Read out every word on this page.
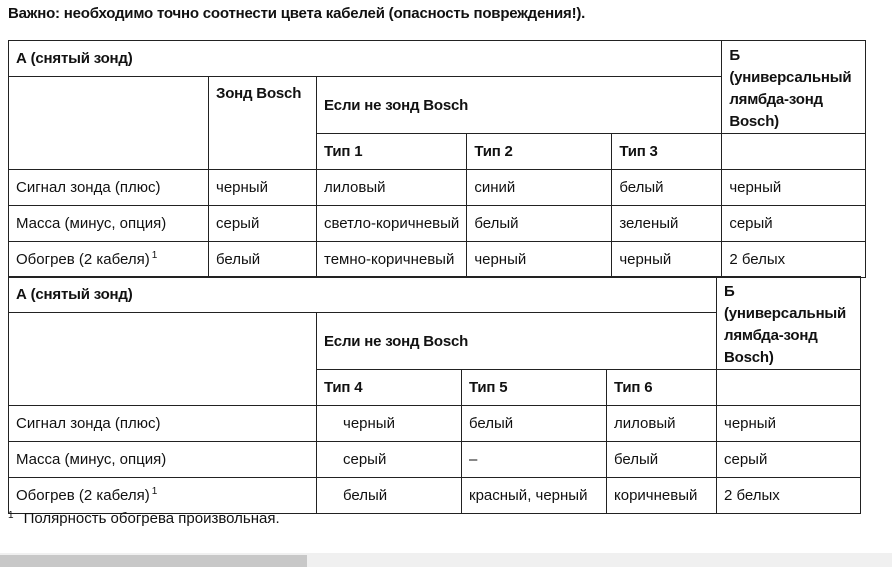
Важно: необходимо точно соотнести цвета кабелей (опасность повреждения!).
А (снятый зонд)					Б (универсальный лямбда-зонд Bosch)
	Зонд Bosch	Если не зонд Bosch			
		Тип 1	Тип 2	Тип 3	
Сигнал зонда (плюс)	черный	лиловый	синий	белый	черный
Масса (минус, опция)	серый	светло-коричневый	белый	зеленый	серый
Обогрев (2 кабеля) $^1$	белый	темно-коричневый	черный	черный	2 белых
А (снятый зонд)				Б (универсальный лямбда-зонд Bosch)
	Если не зонд Bosch			
	Тип 4	Тип 5	Тип 6	
Сигнал зонда (плюс)	черный	белый	лиловый	черный
Масса (минус, опция)	серый	–	белый	серый
Обогрев (2 кабеля) $^1$	белый	красный, черный	коричневый	2 белых
$^1$ Полярность обогрева произвольная.
